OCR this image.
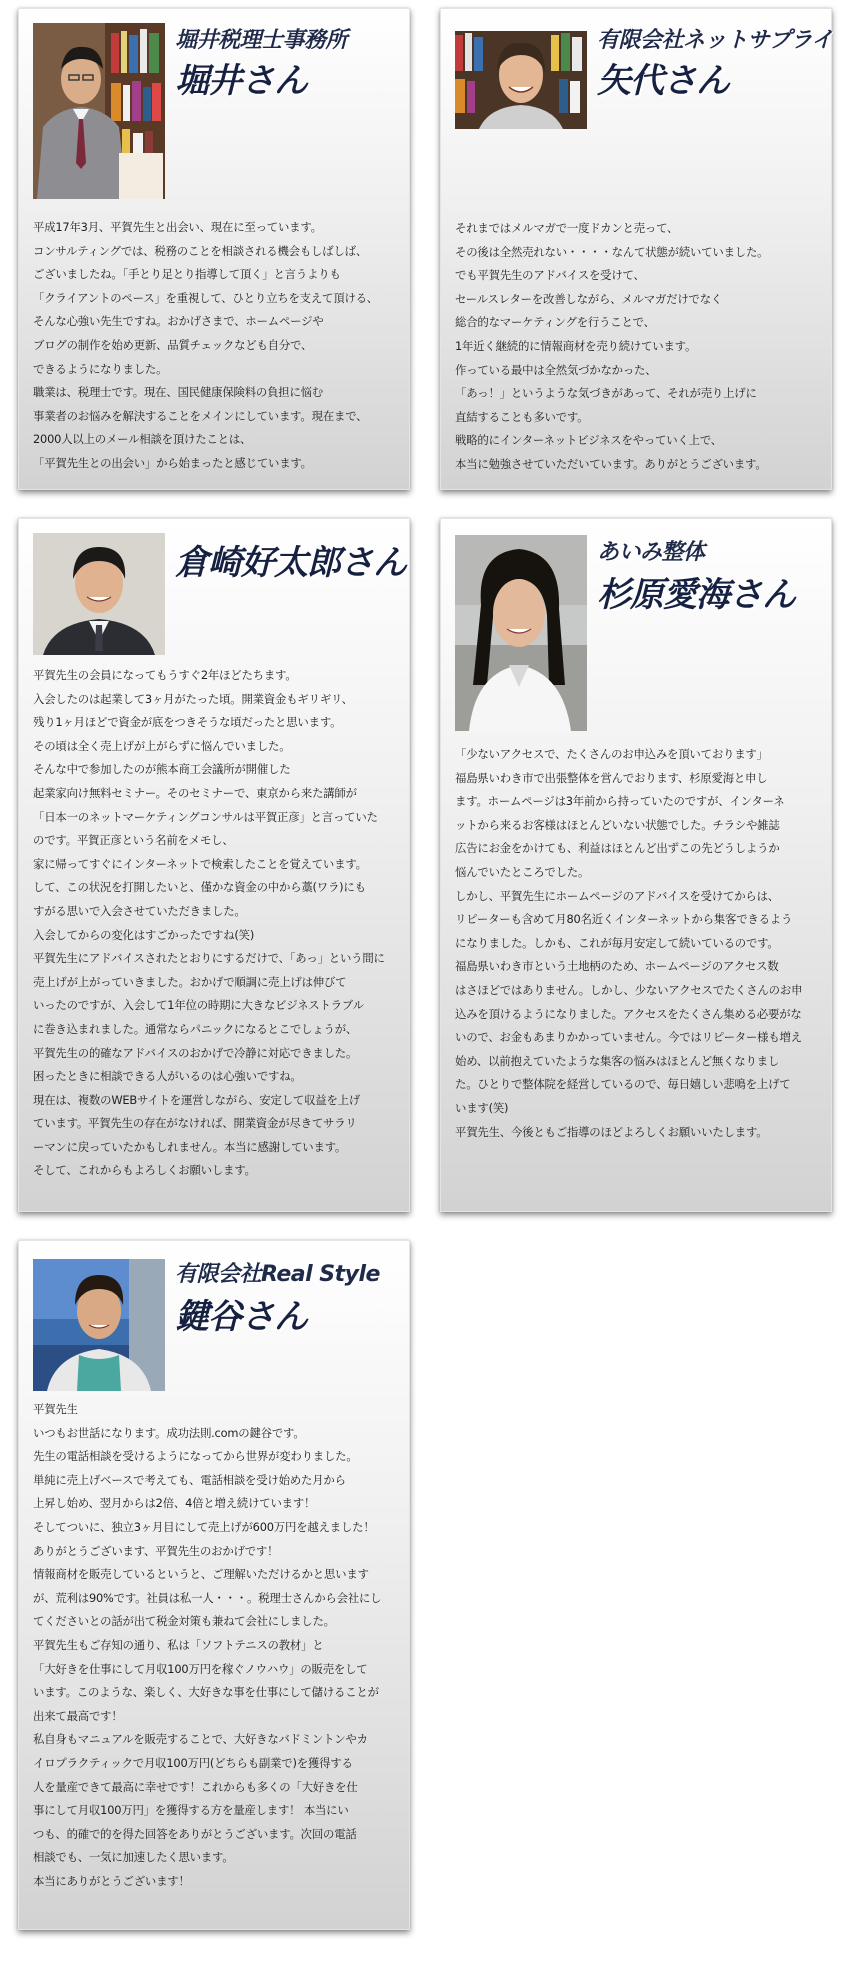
堀井税理士事務所
堀井さん

平成17年3月、平賀先生と出会い、現在に至っています。
コンサルティングでは、税務のことを相談される機会もしばしば、
ございましたね。「手とり足とり指導して頂く」と言うよりも
「クライアントのペース」を重視して、ひとり立ちを支えて頂ける、
そんな心強い先生ですね。おかげさまで、ホームページや
ブログの制作を始め更新、品質チェックなども自分で、
できるようになりました。
職業は、税理士です。現在、国民健康保険料の負担に悩む
事業者のお悩みを解決することをメインにしています。現在まで、
2000人以上のメール相談を頂けたことは、
「平賀先生との出会い」から始まったと感じています。

有限会社ネットサプライ
矢代さん

それまではメルマガで一度ドカンと売って、
その後は全然売れない・・・・なんて状態が続いていました。
でも平賀先生のアドバイスを受けて、
セールスレターを改善しながら、メルマガだけでなく
総合的なマーケティングを行うことで、
1年近く継続的に情報商材を売り続けています。
作っている最中は全然気づかなかった、
「あっ！」というような気づきがあって、それが売り上げに
直結することも多いです。
戦略的にインターネットビジネスをやっていく上で、
本当に勉強させていただいています。ありがとうございます。

倉崎好太郎さん

平賀先生の会員になってもうすぐ2年ほどたちます。
入会したのは起業して3ヶ月がたった頃。開業資金もギリギリ、
残り1ヶ月ほどで資金が底をつきそうな頃だったと思います。
その頃は全く売上げが上がらずに悩んでいました。
そんな中で参加したのが熊本商工会議所が開催した
起業家向け無料セミナー。そのセミナーで、東京から来た講師が
「日本一のネットマーケティングコンサルは平賀正彦」と言っていた
のです。平賀正彦という名前をメモし、
家に帰ってすぐにインターネットで検索したことを覚えています。
して、この状況を打開したいと、僅かな資金の中から藁(ワラ)にも
すがる思いで入会させていただきました。
入会してからの変化はすごかったですね(笑)
平賀先生にアドバイスされたとおりにするだけで、「あっ」という間に
売上げが上がっていきました。おかげで順調に売上げは伸びて
いったのですが、入会して1年位の時期に大きなビジネストラブル
に巻き込まれました。通常ならパニックになるとこでしょうが、
平賀先生の的確なアドバイスのおかげで冷静に対応できました。
困ったときに相談できる人がいるのは心強いですね。
現在は、複数のWEBサイトを運営しながら、安定して収益を上げ
ています。平賀先生の存在がなければ、開業資金が尽きてサラリ
ーマンに戻っていたかもしれません。本当に感謝しています。
そして、これからもよろしくお願いします。

あいみ整体
杉原愛海さん

「少ないアクセスで、たくさんのお申込みを頂いております」
福島県いわき市で出張整体を営んでおります、杉原愛海と申し
ます。ホームページは3年前から持っていたのですが、インターネ
ットから来るお客様はほとんどいない状態でした。チラシや雑誌
広告にお金をかけても、利益はほとんど出ずこの先どうしようか
悩んでいたところでした。
しかし、平賀先生にホームページのアドバイスを受けてからは、
リピーターも含めて月80名近くインターネットから集客できるよう
になりました。しかも、これが毎月安定して続いているのです。
福島県いわき市という土地柄のため、ホームページのアクセス数
はさほどではありません。しかし、少ないアクセスでたくさんのお申
込みを頂けるようになりました。アクセスをたくさん集める必要がな
いので、お金もあまりかかっていません。今ではリピーター様も増え
始め、以前抱えていたような集客の悩みはほとんど無くなりまし
た。ひとりで整体院を経営しているので、毎日嬉しい悲鳴を上げて
います(笑)
平賀先生、今後ともご指導のほどよろしくお願いいたします。

有限会社Real Style
鍵谷さん

平賀先生
いつもお世話になります。成功法則.comの鍵谷です。
先生の電話相談を受けるようになってから世界が変わりました。
単純に売上げベースで考えても、電話相談を受け始めた月から
上昇し始め、翌月からは2倍、4倍と増え続けています！
そしてついに、独立3ヶ月目にして売上げが600万円を越えました！
ありがとうございます、平賀先生のおかげです！
情報商材を販売しているというと、ご理解いただけるかと思います
が、荒利は90%です。社員は私一人・・・。税理士さんから会社にし
てくださいとの話が出て税金対策も兼ねて会社にしました。
平賀先生もご存知の通り、私は「ソフトテニスの教材」と
「大好きを仕事にして月収100万円を稼ぐノウハウ」の販売をして
います。このような、楽しく、大好きな事を仕事にして儲けることが
出来て最高です！
私自身もマニュアルを販売することで、大好きなバドミントンやカ
イロプラクティックで月収100万円(どちらも副業で)を獲得する
人を量産できて最高に幸せです！これからも多くの「大好きを仕
事にして月収100万円」を獲得する方を量産します！ 本当にい
つも、的確で的を得た回答をありがとうございます。次回の電話
相談でも、一気に加速したく思います。
本当にありがとうございます！
